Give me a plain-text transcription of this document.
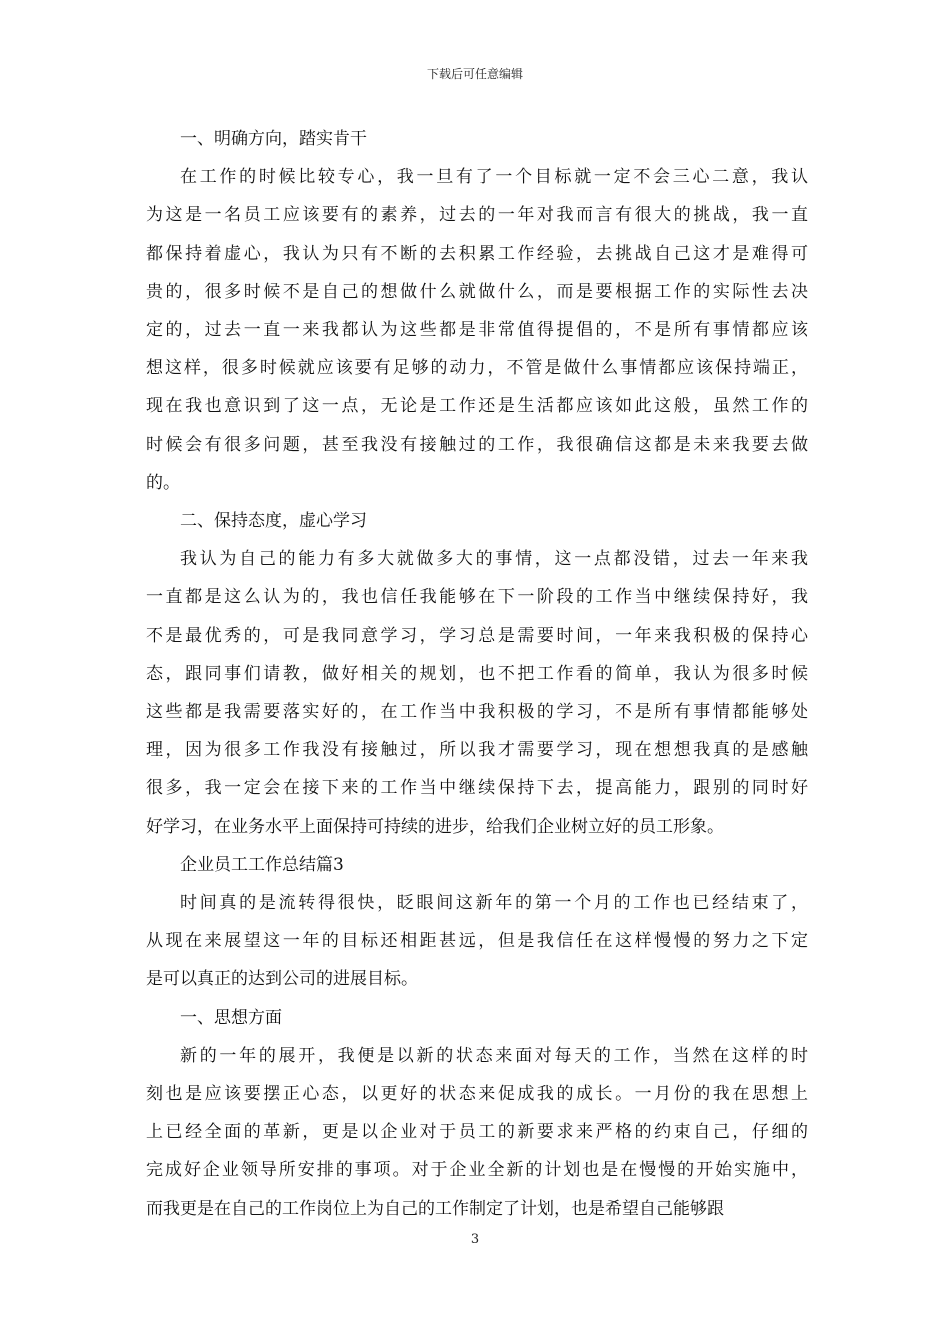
下载后可任意编辑
一、明确方向，踏实肯干
在工作的时候比较专心，我一旦有了一个目标就一定不会三心二意，我认
为这是一名员工应该要有的素养，过去的一年对我而言有很大的挑战，我一直
都保持着虚心，我认为只有不断的去积累工作经验，去挑战自己这才是难得可
贵的，很多时候不是自己的想做什么就做什么，而是要根据工作的实际性去决
定的，过去一直一来我都认为这些都是非常值得提倡的，不是所有事情都应该
想这样，很多时候就应该要有足够的动力，不管是做什么事情都应该保持端正，
现在我也意识到了这一点，无论是工作还是生活都应该如此这般，虽然工作的
时候会有很多问题，甚至我没有接触过的工作，我很确信这都是未来我要去做
的。
二、保持态度，虚心学习
我认为自己的能力有多大就做多大的事情，这一点都没错，过去一年来我
一直都是这么认为的，我也信任我能够在下一阶段的工作当中继续保持好，我
不是最优秀的，可是我同意学习，学习总是需要时间，一年来我积极的保持心
态，跟同事们请教，做好相关的规划，也不把工作看的简单，我认为很多时候
这些都是我需要落实好的，在工作当中我积极的学习，不是所有事情都能够处
理，因为很多工作我没有接触过，所以我才需要学习，现在想想我真的是感触
很多，我一定会在接下来的工作当中继续保持下去，提高能力，跟别的同时好
好学习，在业务水平上面保持可持续的进步，给我们企业树立好的员工形象。
企业员工工作总结篇3
时间真的是流转得很快，眨眼间这新年的第一个月的工作也已经结束了，
从现在来展望这一年的目标还相距甚远，但是我信任在这样慢慢的努力之下定
是可以真正的达到公司的进展目标。
一、思想方面
新的一年的展开，我便是以新的状态来面对每天的工作，当然在这样的时
刻也是应该要摆正心态，以更好的状态来促成我的成长。一月份的我在思想上
上已经全面的革新，更是以企业对于员工的新要求来严格的约束自己，仔细的
完成好企业领导所安排的事项。对于企业全新的计划也是在慢慢的开始实施中，
而我更是在自己的工作岗位上为自己的工作制定了计划，也是希望自己能够跟
3
